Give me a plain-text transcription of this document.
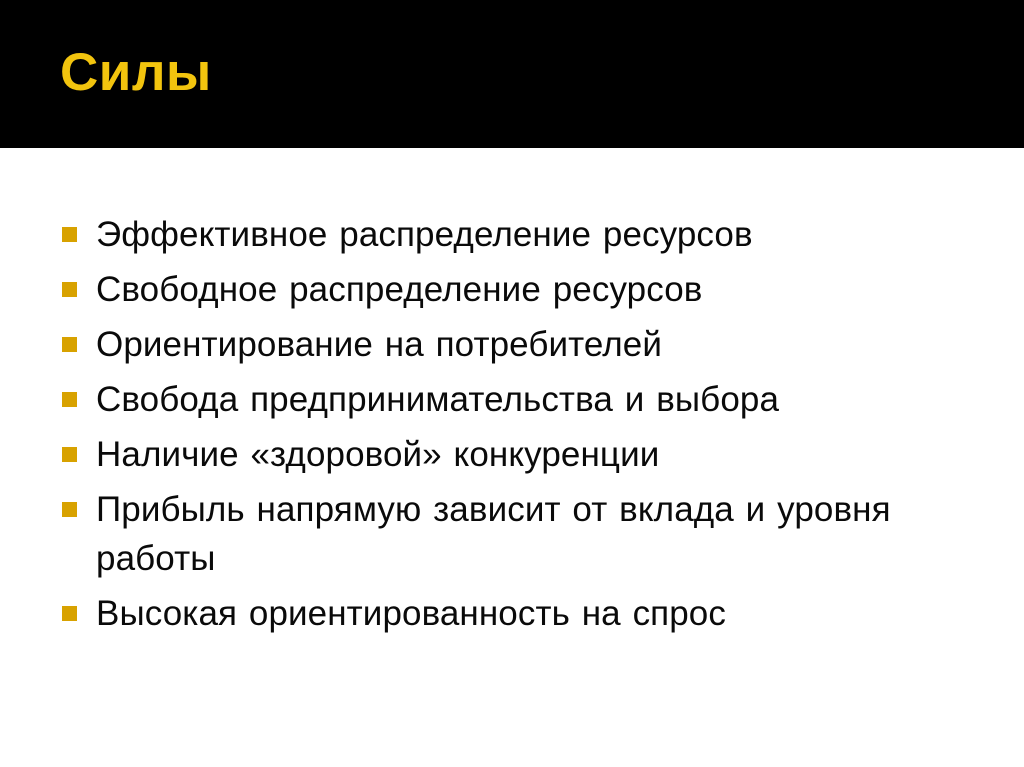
Силы
Эффективное распределение ресурсов
Свободное распределение ресурсов
Ориентирование на потребителей
Свобода предпринимательства и выбора
Наличие «здоровой» конкуренции
Прибыль напрямую зависит от вклада и уровня работы
Высокая ориентированность на спрос
